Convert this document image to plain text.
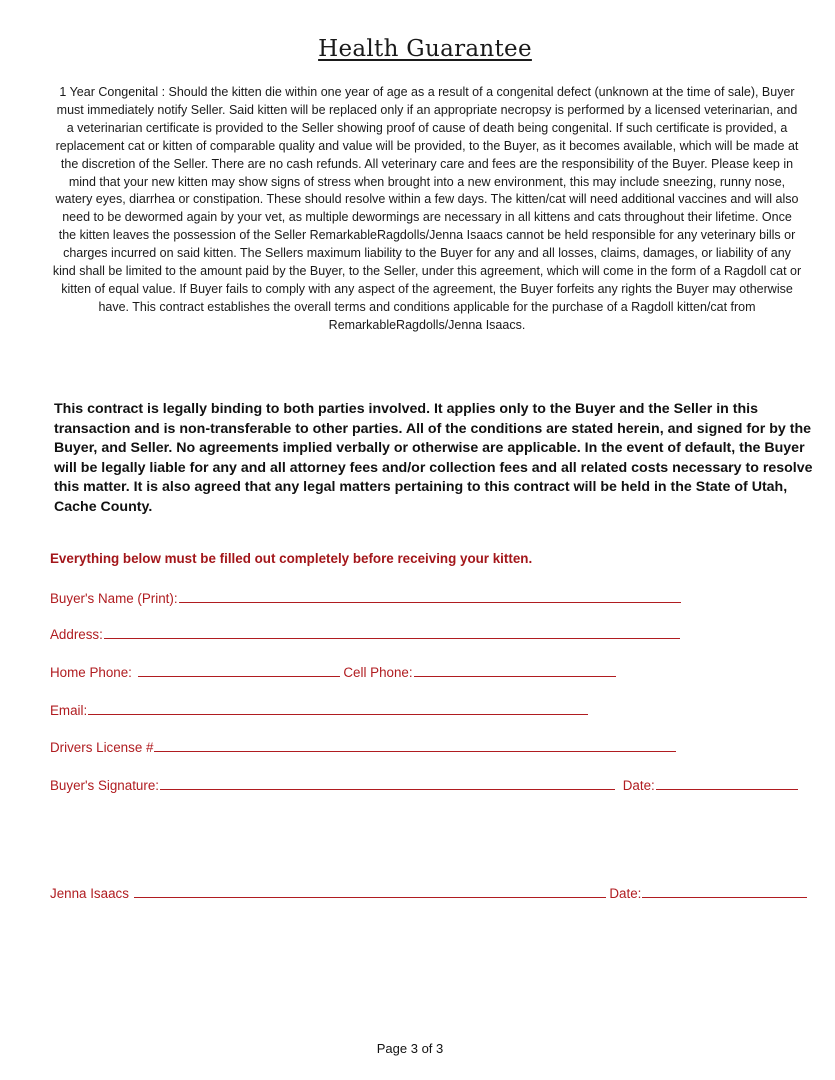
Health Guarantee

1 Year Congenital : Should the kitten die within one year of age as a result of a congenital defect (unknown at the time of sale), Buyer must immediately notify Seller. Said kitten will be replaced only if an appropriate necropsy is performed by a licensed veterinarian, and a veterinarian certificate is provided to the Seller showing proof of cause of death being congenital. If such certificate is provided, a replacement cat or kitten of comparable quality and value will be provided, to the Buyer, as it becomes available, which will be made at the discretion of the Seller. There are no cash refunds. All veterinary care and fees are the responsibility of the Buyer. Please keep in mind that your new kitten may show signs of stress when brought into a new environment, this may include sneezing, runny nose, watery eyes, diarrhea or constipation. These should resolve within a few days. The kitten/cat will need additional vaccines and will also need to be dewormed again by your vet, as multiple dewormings are necessary in all kittens and cats throughout their lifetime. Once the kitten leaves the possession of the Seller RemarkableRagdolls/Jenna Isaacs cannot be held responsible for any veterinary bills or charges incurred on said kitten. The Sellers maximum liability to the Buyer for any and all losses, claims, damages, or liability of any kind shall be limited to the amount paid by the Buyer, to the Seller, under this agreement, which will come in the form of a Ragdoll cat or kitten of equal value. If Buyer fails to comply with any aspect of the agreement, the Buyer forfeits any rights the Buyer may otherwise have. This contract establishes the overall terms and conditions applicable for the purchase of a Ragdoll kitten/cat from RemarkableRagdolls/Jenna Isaacs.

This contract is legally binding to both parties involved. It applies only to the Buyer and the Seller in this transaction and is non-transferable to other parties. All of the conditions are stated herein, and signed for by the Buyer, and Seller. No agreements implied verbally or otherwise are applicable. In the event of default, the Buyer will be legally liable for any and all attorney fees and/or collection fees and all related costs necessary to resolve this matter. It is also agreed that any legal matters pertaining to this contract will be held in the State of Utah, Cache County.

Everything below must be filled out completely before receiving your kitten.

Buyer's Name (Print):
Address:
Home Phone:	Cell Phone:
Email:
Drivers License #
Buyer's Signature:	Date:
Jenna Isaacs	Date:
Page 3 of 3
